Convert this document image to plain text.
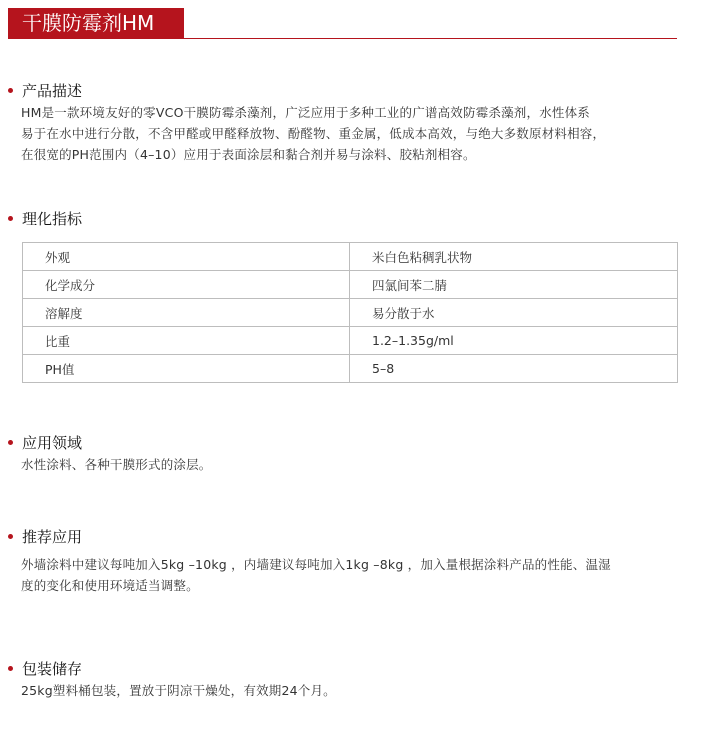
干膜防霉剂HM
产品描述
HM是一款环境友好的零VCO干膜防霉杀藻剂，广泛应用于多种工业的广谱高效防霉杀藻剂，水性体系
易于在水中进行分散，不含甲醛或甲醛释放物、酚醛物、重金属，低成本高效，与绝大多数原材料相容，
在很宽的PH范围内（4–10）应用于表面涂层和黏合剂并易与涂料、胶粘剂相容。
理化指标
外观	米白色粘稠乳状物
化学成分	四氯间苯二腈
溶解度	易分散于水
比重	1.2–1.35g/ml
PH值	5–8
应用领域
水性涂料、各种干膜形式的涂层。
推荐应用
外墙涂料中建议每吨加入5kg –10kg ，内墙建议每吨加入1kg –8kg ，加入量根据涂料产品的性能、温湿
度的变化和使用环境适当调整。
包装储存
25kg塑料桶包装，置放于阴凉干燥处，有效期24个月。
